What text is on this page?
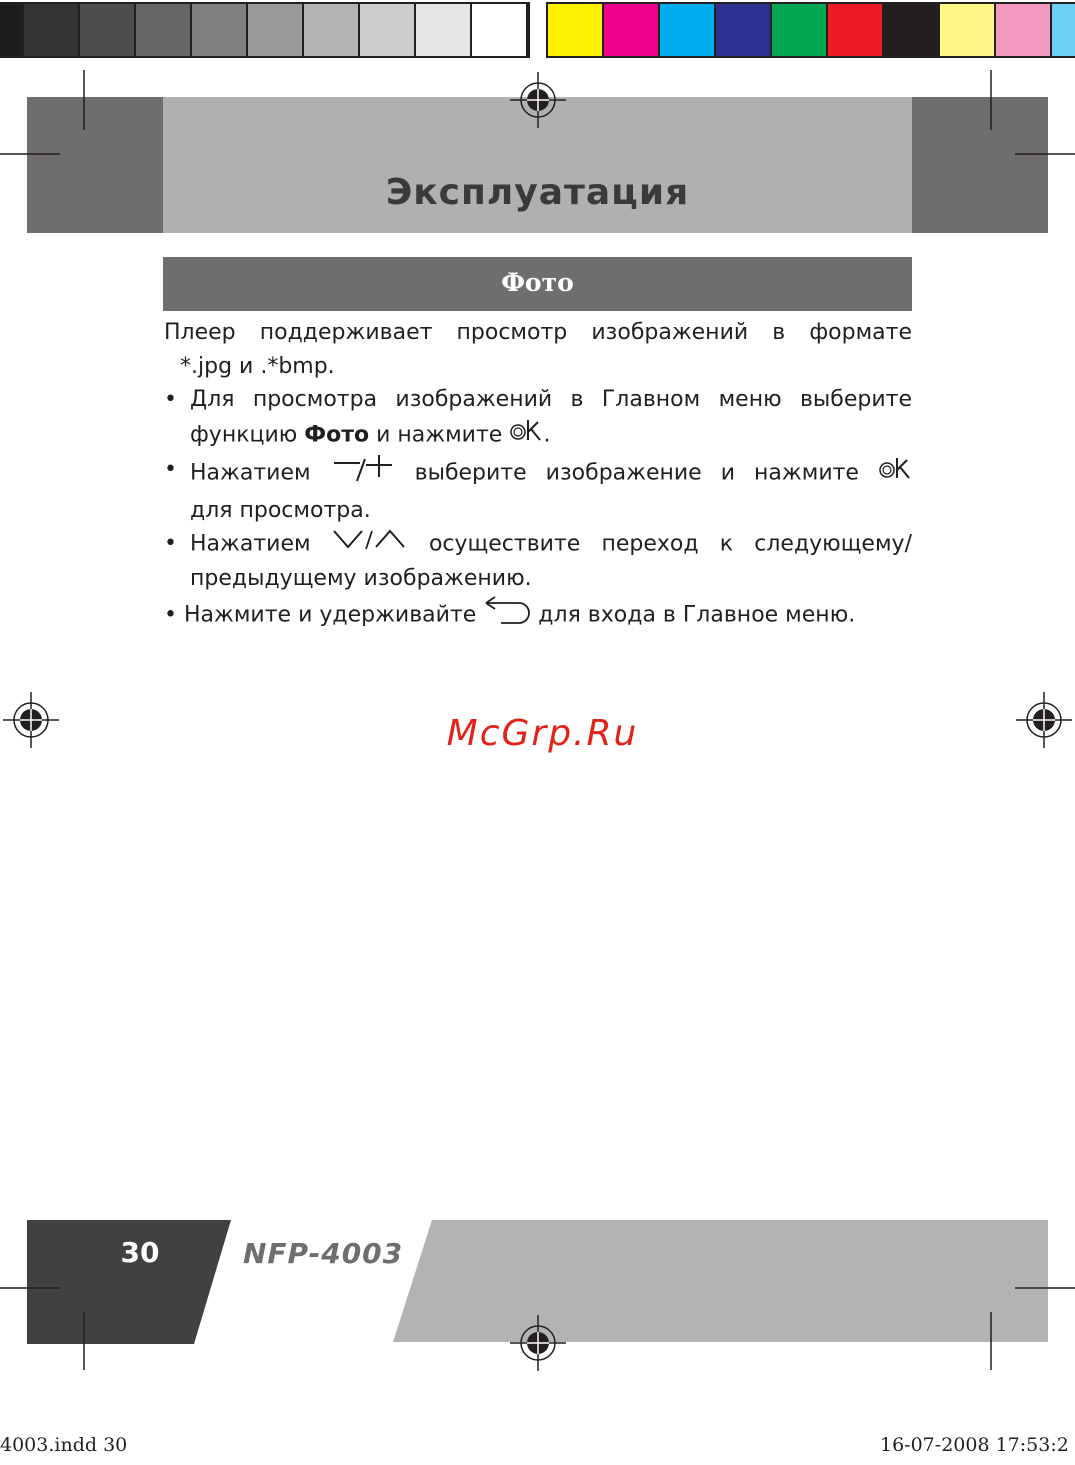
Эксплуатация
Фото

Плеер поддерживает просмотр изображений в формате

*.jpg и .*bmp.

• Для просмотра изображений в Главном меню выберите

функцию Фото и нажмите .

• Нажатием	выберите изображение и нажмите

для просмотра.

• Нажатием	осуществите переход к следующему/

предыдущему изображению.

• Нажмите и удерживайте  для входа в Главное меню.

McGrp.Ru
30	NFP-4003
4003.indd 30	16-07-2008 17:53:2
